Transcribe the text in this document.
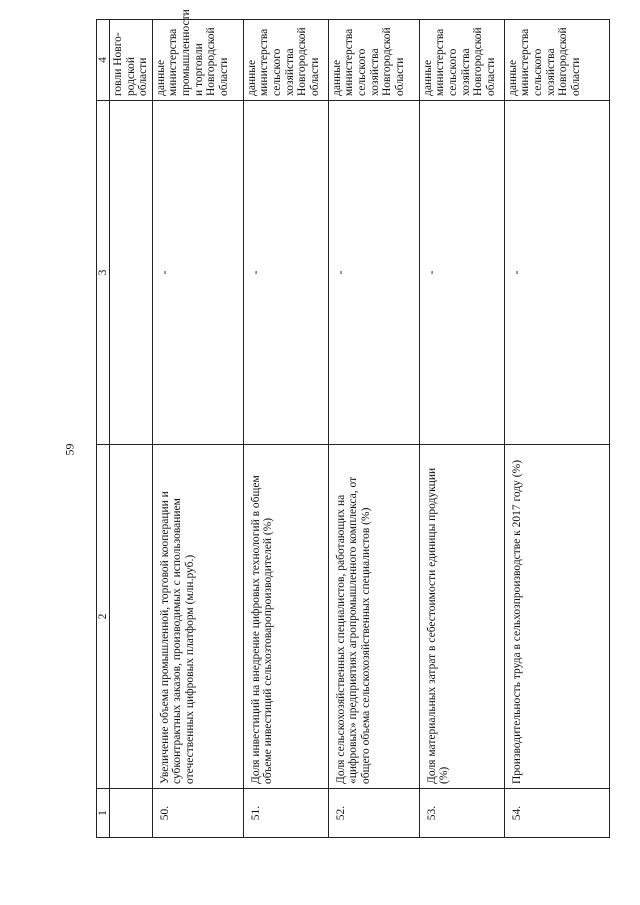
59
1	2	3	4
			говли Новго-
родской
области
50.	Увеличение объема промышленной, торговой кооперации и субконтрактных заказов, производимых с использованием отечественных цифровых платформ (млн.руб.)	-	данные министерства промышленности и торговли Новгородской области
51.	Доля инвестиций на внедрение цифровых технологий в общем объеме инвестиций сельхозтоваропроизводителей (%)	-	данные министерства сельского хозяйства Новгородской области
52.	Доля сельскохозяйственных специалистов, работающих на «цифровых» предприятиях агропромышленного комплекса, от общего объема сельскохозяйственных специалистов (%)	-	данные министерства сельского хозяйства Новгородской области
53.	Доля материальных затрат в себестоимости единицы продукции (%)	-	данные министерства сельского хозяйства Новгородской области
54.	Производительность труда в сельхозпроизводстве к 2017 году (%)	-	данные министерства сельского хозяйства Новгородской области
